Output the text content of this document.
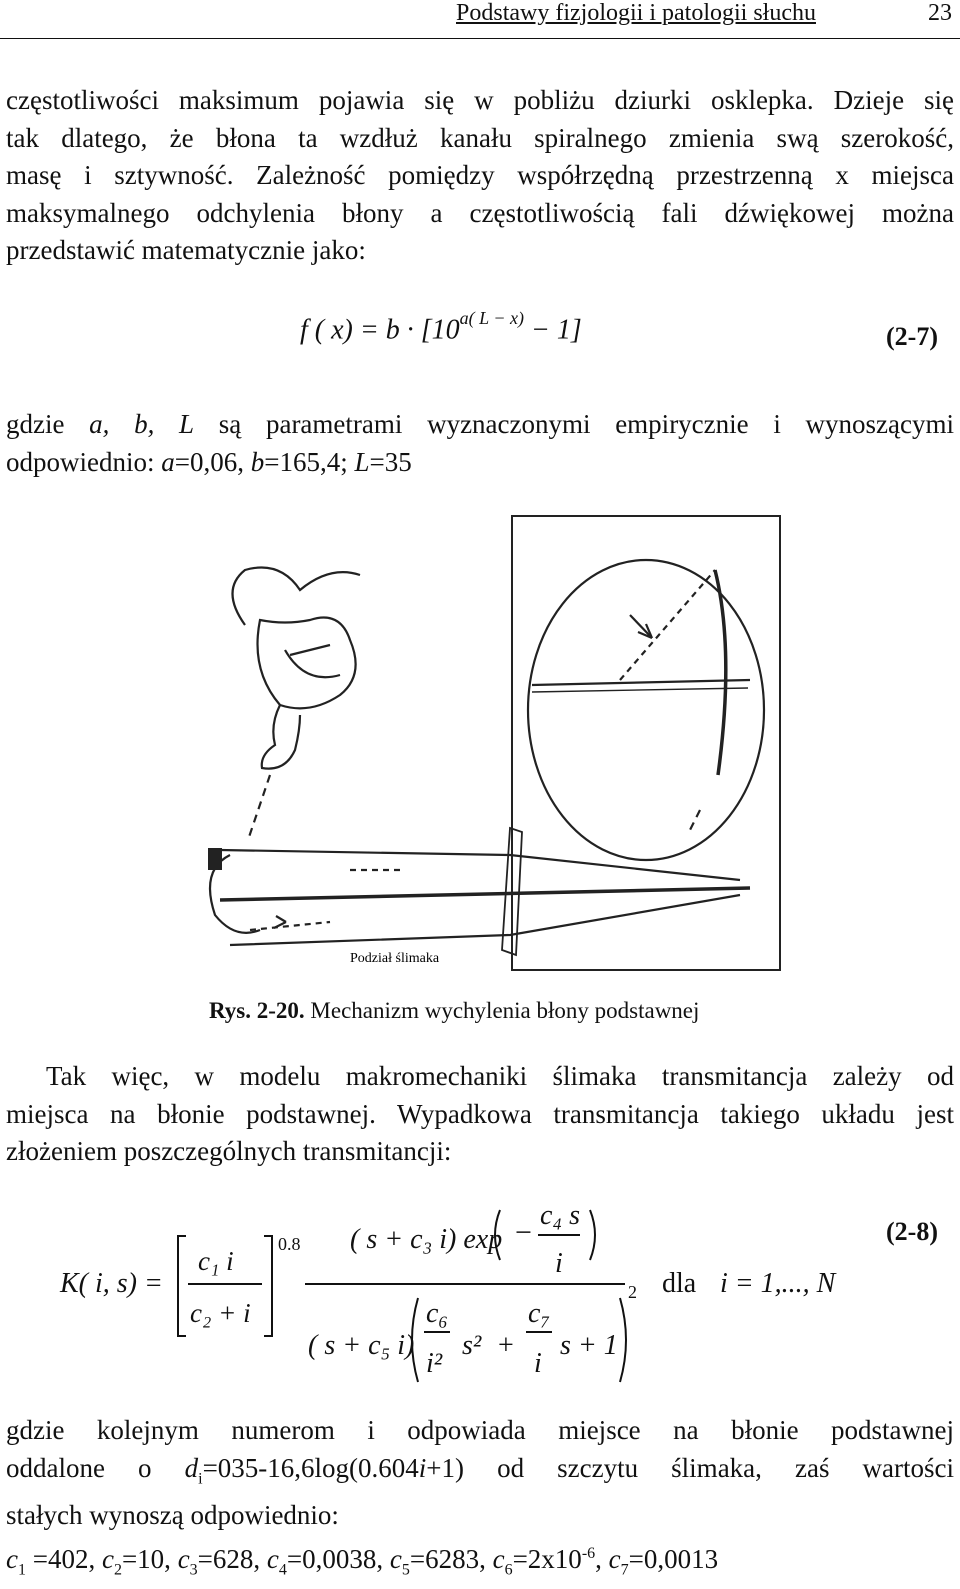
Podstawy fizjologii i patologii słuchu	23
częstotliwości maksimum pojawia się w pobliżu dziurki osklepka. Dzieje się
tak dlatego, że błona ta wzdłuż kanału spiralnego zmienia swą szerokość,
masę i sztywność. Zależność pomiędzy współrzędną przestrzenną x miejsca
maksymalnego odchylenia błony a częstotliwością fali dźwiękowej można
przedstawić matematycznie jako:
f ( $x) = b \cdot [10^{a( L - x)} - 1]$	(2-7)
gdzie a, b, L są parametrami wyznaczonymi empirycznie i wynoszącymi
odpowiednio: a=0,06, b=165,4; L=35
Podział ślimaka
Rys. 2-20. Mechanizm wychylenia błony podstawnej
Tak więc, w modelu makromechaniki ślimaka transmitancja zależy od
miejsca na błonie podstawnej. Wypadkowa transmitancja takiego układu jest
złożeniem poszczególnych transmitancji:
K( i, s) =
c₁ i
c₂ + i
0.8 ( s + c₃ i) exp −
c₄ s
i
( s + c₅ i)
c₆
i²
s² +
c₇
i
s + 1
2 dla i = 1,..., N
(2-8)
gdzie kolejnym numerom i odpowiada miejsce na błonie podstawnej
oddalone o $d_i=035-16,6\log(0.604i+1)$ od szczytu ślimaka, zaś wartości
stałych wynoszą odpowiednio:
$c_1 =402$, $c_2=10$, $c_3=628$, $c_4=0,0038$, $c_5=6283$, $c_6=2x10^{-6}$, $c_7=0,0013$
